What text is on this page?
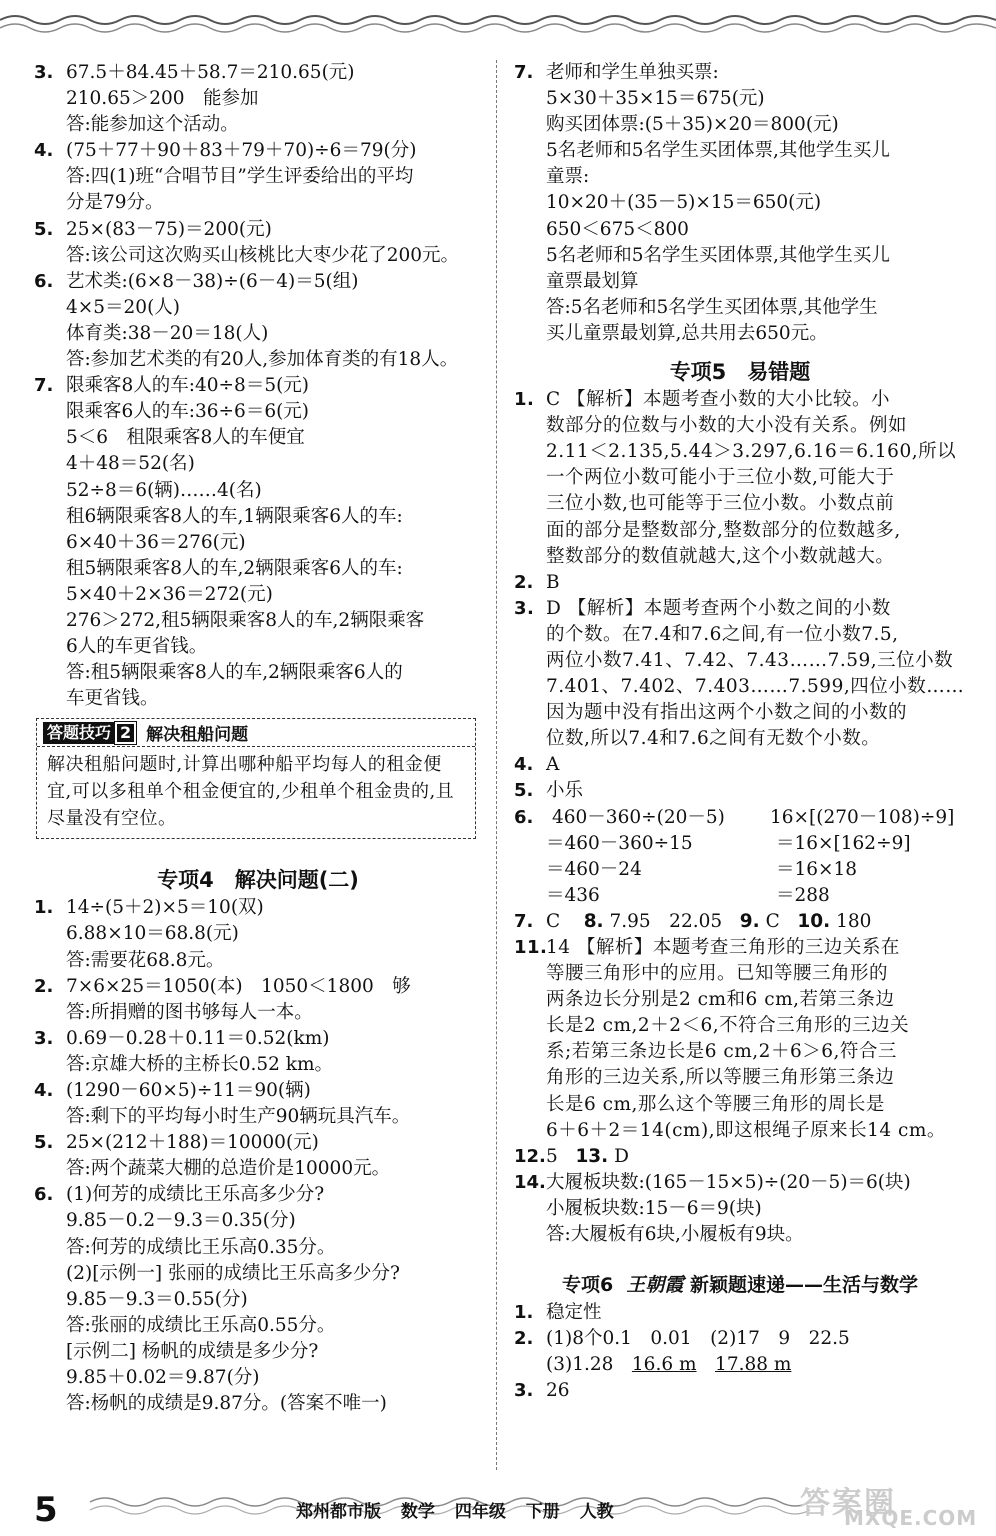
3. 67.5＋84.45＋58.7＝210.65(元)
210.65＞200　能参加
答:能参加这个活动。
4. (75＋77＋90＋83＋79＋70)÷6＝79(分)
答:四(1)班“合唱节目”学生评委给出的平均
分是79分。
5. 25×(83－75)＝200(元)
答:该公司这次购买山核桃比大枣少花了200元。
6. 艺术类:(6×8－38)÷(6－4)＝5(组)
4×5＝20(人)
体育类:38－20＝18(人)
答:参加艺术类的有20人,参加体育类的有18人。
7. 限乘客8人的车:40÷8＝5(元)
限乘客6人的车:36÷6＝6(元)
5＜6　租限乘客8人的车便宜
4＋48＝52(名)
52÷8＝6(辆)……4(名)
租6辆限乘客8人的车,1辆限乘客6人的车:
6×40＋36＝276(元)
租5辆限乘客8人的车,2辆限乘客6人的车:
5×40＋2×36＝272(元)
276＞272,租5辆限乘客8人的车,2辆限乘客
6人的车更省钱。
答:租5辆限乘客8人的车,2辆限乘客6人的
车更省钱。
答题技巧 2 解决租船问题
解决租船问题时,计算出哪种船平均每人的租金便宜,可以多租单个租金便宜的,少租单个租金贵的,且尽量没有空位。
专项4　解决问题(二)
1. 14÷(5＋2)×5＝10(双)
6.88×10＝68.8(元)
答:需要花68.8元。
2. 7×6×25＝1050(本)　1050＜1800　够
答:所捐赠的图书够每人一本。
3. 0.69－0.28＋0.11＝0.52(km)
答:京雄大桥的主桥长0.52 km。
4. (1290－60×5)÷11＝90(辆)
答:剩下的平均每小时生产90辆玩具汽车。
5. 25×(212＋188)＝10000(元)
答:两个蔬菜大棚的总造价是10000元。
6. (1)何芳的成绩比王乐高多少分?
9.85－0.2－9.3＝0.35(分)
答:何芳的成绩比王乐高0.35分。
(2)[示例一] 张丽的成绩比王乐高多少分?
9.85－9.3＝0.55(分)
答:张丽的成绩比王乐高0.55分。
[示例二] 杨帆的成绩是多少分?
9.85＋0.02＝9.87(分)
答:杨帆的成绩是9.87分。(答案不唯一)
7. 老师和学生单独买票:
5×30＋35×15＝675(元)
购买团体票:(5＋35)×20＝800(元)
5名老师和5名学生买团体票,其他学生买儿
童票:
10×20＋(35－5)×15＝650(元)
650＜675＜800
5名老师和5名学生买团体票,其他学生买儿
童票最划算
答:5名老师和5名学生买团体票,其他学生
买儿童票最划算,总共用去650元。
专项5　易错题
1. C 【解析】本题考查小数的大小比较。小
数部分的位数与小数的大小没有关系。例如
2.11＜2.135,5.44＞3.297,6.16＝6.160,所以
一个两位小数可能小于三位小数,可能大于
三位小数,也可能等于三位小数。小数点前
面的部分是整数部分,整数部分的位数越多,
整数部分的数值就越大,这个小数就越大。
2. B
3. D 【解析】本题考查两个小数之间的小数
的个数。在7.4和7.6之间,有一位小数7.5,
两位小数7.41、7.42、7.43……7.59,三位小数
7.401、7.402、7.403……7.599,四位小数……
因为题中没有指出这两个小数之间的小数的
位数,所以7.4和7.6之间有无数个小数。
4. A
5. 小乐
6. 460－360÷(20－5) 16×[(270－108)÷9]
＝460－360÷15	＝16×[162÷9]
＝460－24	＝16×18
＝436	＝288
7. C 8. 7.95　22.05 9. C 10. 180
11.14 【解析】本题考查三角形的三边关系在
等腰三角形中的应用。已知等腰三角形的
两条边长分别是2 cm和6 cm,若第三条边
长是2 cm,2＋2＜6,不符合三角形的三边关
系;若第三条边长是6 cm,2＋6＞6,符合三
角形的三边关系,所以等腰三角形第三条边
长是6 cm,那么这个等腰三角形的周长是
6＋6＋2＝14(cm),即这根绳子原来长14 cm。
12.5 13. D
14.大履板块数:(165－15×5)÷(20－5)＝6(块)
小履板块数:15－6＝9(块)
答:大履板有6块,小履板有9块。
专项6 王朝霞 新颖题速递——生活与数学
1. 稳定性
2. (1)8个0.1　0.01　(2)17　9　22.5
(3)1.28　16.6 m　 17.88 m
3. 26
5	郑州都市版 数学 四年级 下册 人教	答案圈
MXQE.COM
